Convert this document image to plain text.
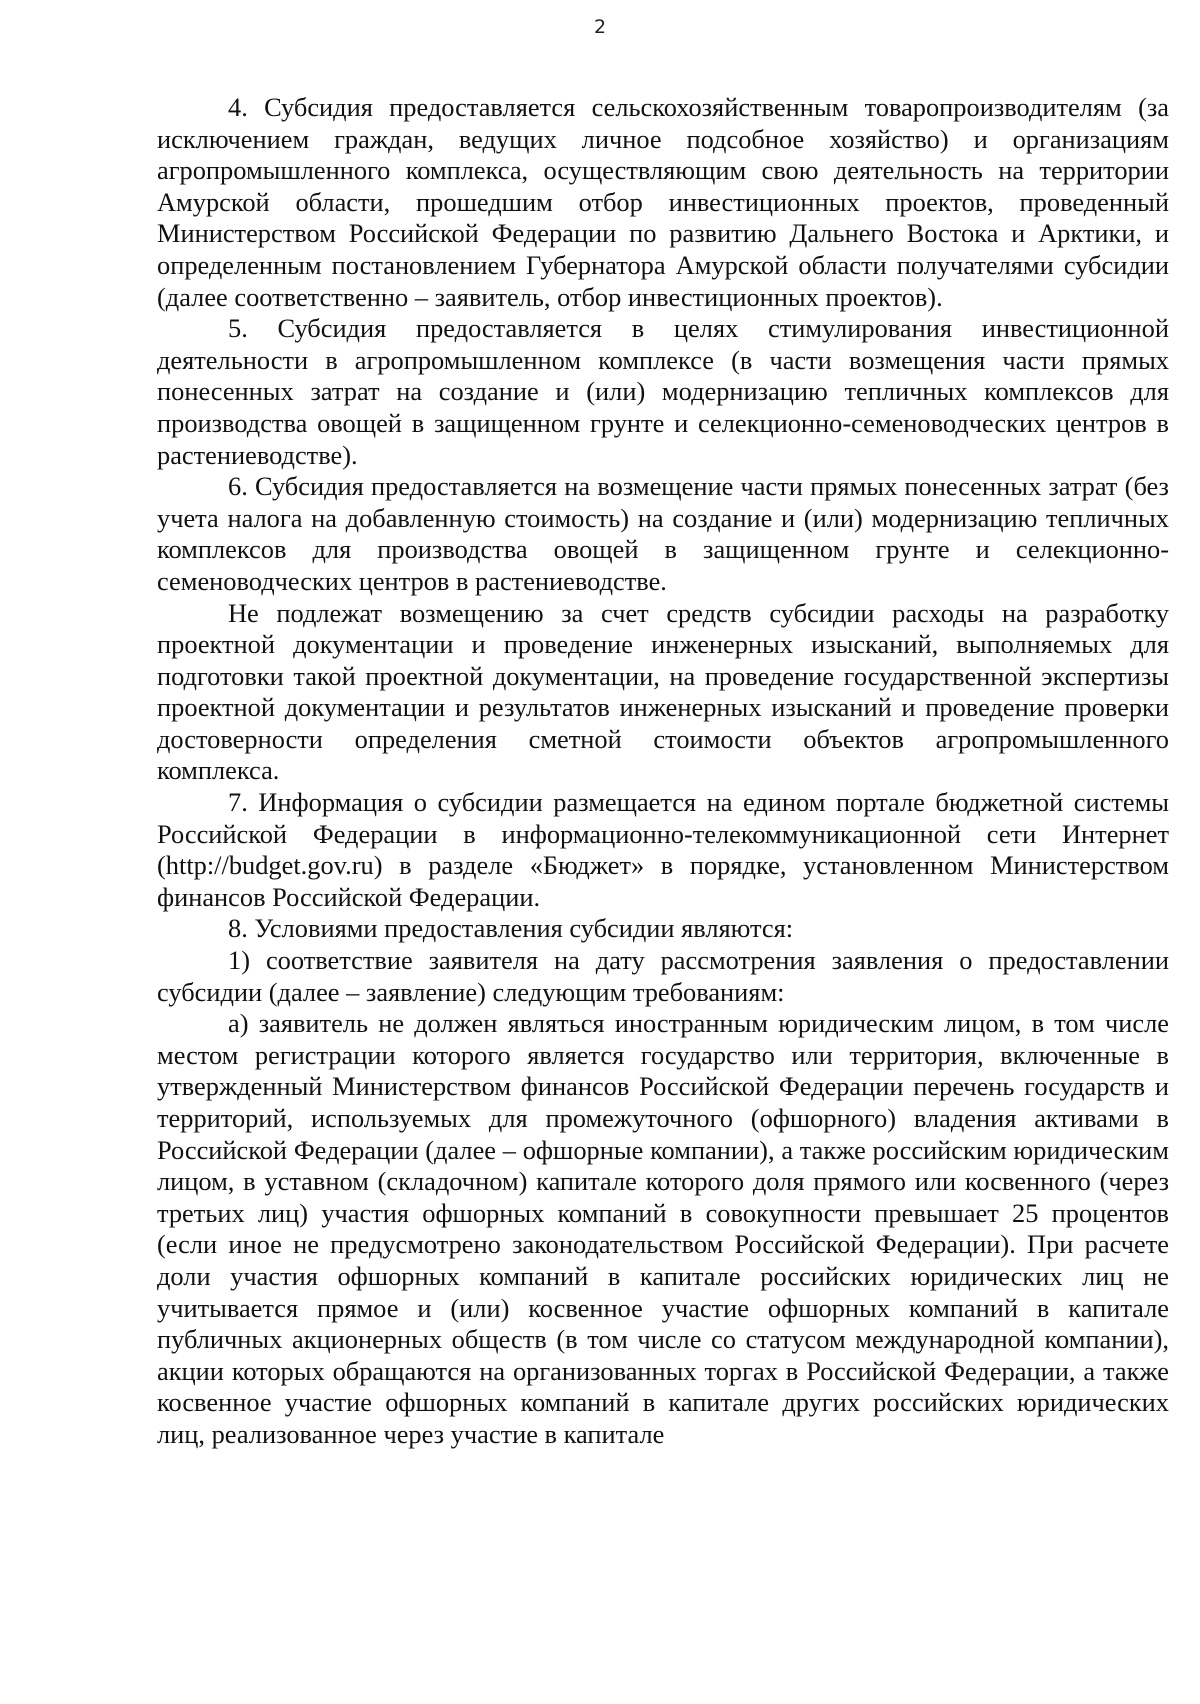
2

4. Субсидия предоставляется сельскохозяйственным товаропроизводителям (за исключением граждан, ведущих личное подсобное хозяйство) и организациям агропромышленного комплекса, осуществляющим свою деятельность на территории Амурской области, прошедшим отбор инвестиционных проектов, проведенный Министерством Российской Федерации по развитию Дальнего Востока и Арктики, и определенным постановлением Губернатора Амурской области получателями субсидии (далее соответственно – заявитель, отбор инвестиционных проектов).

5. Субсидия предоставляется в целях стимулирования инвестиционной деятельности в агропромышленном комплексе (в части возмещения части прямых понесенных затрат на создание и (или) модернизацию тепличных комплексов для производства овощей в защищенном грунте и селекционно-семеноводческих центров в растениеводстве).

6. Субсидия предоставляется на возмещение части прямых понесенных затрат (без учета налога на добавленную стоимость) на создание и (или) модернизацию тепличных комплексов для производства овощей в защищенном грунте и селекционно-семеноводческих центров в растениеводстве.

Не подлежат возмещению за счет средств субсидии расходы на разработку проектной документации и проведение инженерных изысканий, выполняемых для подготовки такой проектной документации, на проведение государственной экспертизы проектной документации и результатов инженерных изысканий и проведение проверки достоверности определения сметной стоимости объектов агропромышленного комплекса.

7. Информация о субсидии размещается на едином портале бюджетной системы Российской Федерации в информационно-телекоммуникационной сети Интернет (http://budget.gov.ru) в разделе «Бюджет» в порядке, установленном Министерством финансов Российской Федерации.

8. Условиями предоставления субсидии являются:

1) соответствие заявителя на дату рассмотрения заявления о предоставлении субсидии (далее – заявление) следующим требованиям:

а) заявитель не должен являться иностранным юридическим лицом, в том числе местом регистрации которого является государство или территория, включенные в утвержденный Министерством финансов Российской Федерации перечень государств и территорий, используемых для промежуточного (офшорного) владения активами в Российской Федерации (далее – офшорные компании), а также российским юридическим лицом, в уставном (складочном) капитале которого доля прямого или косвенного (через третьих лиц) участия офшорных компаний в совокупности превышает 25 процентов (если иное не предусмотрено законодательством Российской Федерации). При расчете доли участия офшорных компаний в капитале российских юридических лиц не учитывается прямое и (или) косвенное участие офшорных компаний в капитале публичных акционерных обществ (в том числе со статусом международной компании), акции которых обращаются на организованных торгах в Российской Федерации, а также косвенное участие офшорных компаний в капитале других российских юридических лиц, реализованное через участие в капитале
